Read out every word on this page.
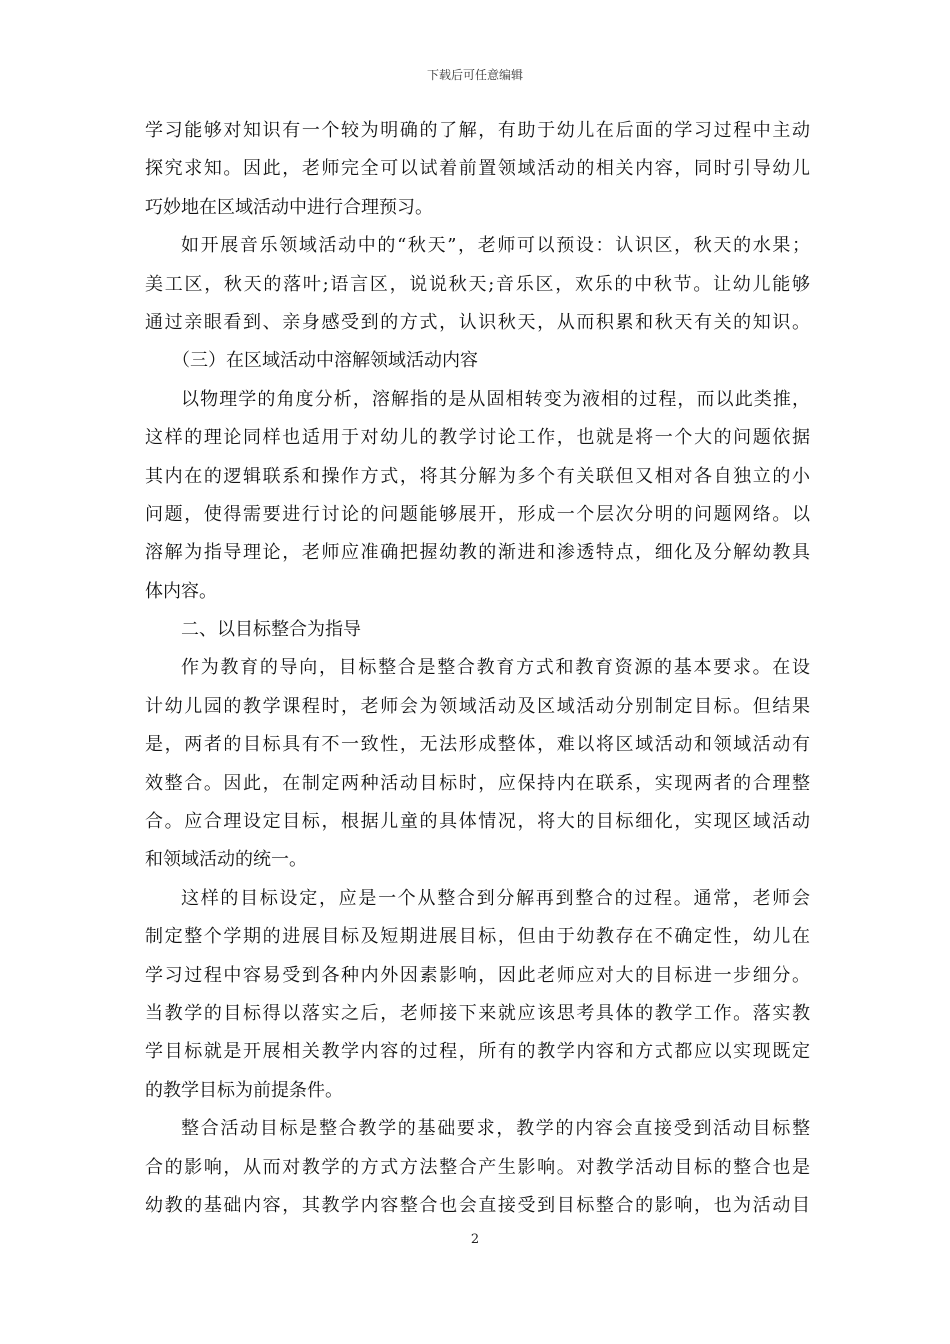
下载后可任意编辑
学习能够对知识有一个较为明确的了解，有助于幼儿在后面的学习过程中主动
探究求知。因此，老师完全可以试着前置领域活动的相关内容，同时引导幼儿
巧妙地在区域活动中进行合理预习。
如开展音乐领域活动中的“秋天”，老师可以预设：认识区，秋天的水果；
美工区，秋天的落叶;语言区，说说秋天;音乐区，欢乐的中秋节。让幼儿能够
通过亲眼看到、亲身感受到的方式，认识秋天，从而积累和秋天有关的知识。
（三）在区域活动中溶解领域活动内容
以物理学的角度分析，溶解指的是从固相转变为液相的过程，而以此类推，
这样的理论同样也适用于对幼儿的教学讨论工作，也就是将一个大的问题依据
其内在的逻辑联系和操作方式，将其分解为多个有关联但又相对各自独立的小
问题，使得需要进行讨论的问题能够展开，形成一个层次分明的问题网络。以
溶解为指导理论，老师应准确把握幼教的渐进和渗透特点，细化及分解幼教具
体内容。
二、以目标整合为指导
作为教育的导向，目标整合是整合教育方式和教育资源的基本要求。在设
计幼儿园的教学课程时，老师会为领域活动及区域活动分别制定目标。但结果
是，两者的目标具有不一致性，无法形成整体，难以将区域活动和领域活动有
效整合。因此，在制定两种活动目标时，应保持内在联系，实现两者的合理整
合。应合理设定目标，根据儿童的具体情况，将大的目标细化，实现区域活动
和领域活动的统一。
这样的目标设定，应是一个从整合到分解再到整合的过程。通常，老师会
制定整个学期的进展目标及短期进展目标，但由于幼教存在不确定性，幼儿在
学习过程中容易受到各种内外因素影响，因此老师应对大的目标进一步细分。
当教学的目标得以落实之后，老师接下来就应该思考具体的教学工作。落实教
学目标就是开展相关教学内容的过程，所有的教学内容和方式都应以实现既定
的教学目标为前提条件。
整合活动目标是整合教学的基础要求，教学的内容会直接受到活动目标整
合的影响，从而对教学的方式方法整合产生影响。对教学活动目标的整合也是
幼教的基础内容，其教学内容整合也会直接受到目标整合的影响，也为活动目
2
